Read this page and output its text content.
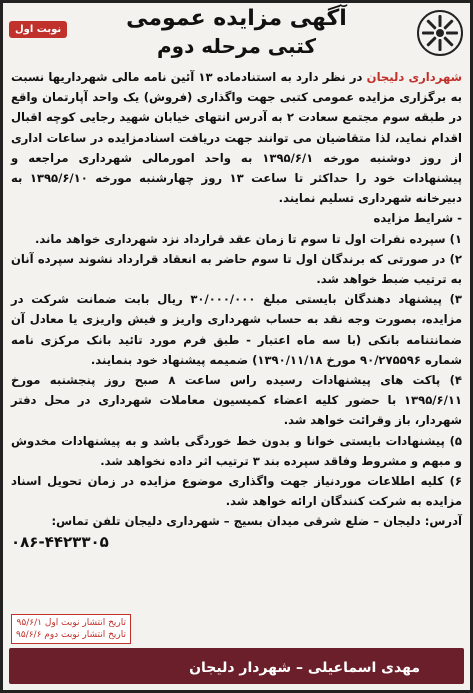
آگهی مزایده عمومی
کتبی مرحله دوم
نوبت اول

شهرداری دلیجان در نظر دارد به استنادماده ۱۳ آئین نامه مالی شهرداریها نسبت به برگزاری مزایده عمومی کتبی جهت واگذاری (فروش) یک واحد آپارتمان واقع در طبقه سوم مجتمع سعادت ۲ به آدرس انتهای خیابان شهید رجایی کوچه اقبال اقدام نماید، لذا متقاضیان می توانند جهت دریافت اسنادمزایده در ساعات اداری از روز دوشنبه مورخه ۱۳۹۵/۶/۱ به واحد امورمالی شهرداری مراجعه و پیشنهادات خود را حداکثر تا ساعت ۱۳ روز چهارشنبه مورخه ۱۳۹۵/۶/۱۰ به دبیرخانه شهرداری تسلیم نمایند.

- شرایط مزایده

۱) سپرده نفرات اول تا سوم تا زمان عقد قرارداد نزد شهرداری خواهد ماند.

۲) در صورتی که برندگان اول تا سوم حاضر به انعقاد قرارداد نشوند سپرده آنان به ترتیب ضبط خواهد شد.

۳) پیشنهاد دهندگان بایستی مبلغ ۳۰/۰۰۰/۰۰۰ ریال بابت ضمانت شرکت در مزایده، بصورت وجه نقد به حساب شهرداری واریز و فیش واریزی یا معادل آن ضمانتنامه بانکی (با سه ماه اعتبار - طبق فرم مورد تائید بانک مرکزی نامه شماره ۹۰/۲۷۵۵۹۶ مورخ ۱۳۹۰/۱۱/۱۸) ضمیمه پیشنهاد خود بنمایند.

۴) پاکت های پیشنهادات رسیده راس ساعت ۸ صبح روز پنجشنبه مورخ ۱۳۹۵/۶/۱۱ با حضور کلیه اعضاء کمیسیون معاملات شهرداری در محل دفتر شهردار، باز وقرائت خواهد شد.

۵) پیشنهادات بایستی خوانا و بدون خط خوردگی باشد و به پیشنهادات مخدوش و مبهم و مشروط وفاقد سپرده بند ۳ ترتیب اثر داده نخواهد شد.

۶) کلیه اطلاعات موردنیاز جهت واگذاری موضوع مزایده در زمان تحویل اسناد مزایده به شرکت کنندگان ارائه خواهد شد.

آدرس: دلیجان – ضلع شرقی میدان بسیج – شهرداری دلیجان تلفن تماس:

۰۸۶-۴۴۲۳۳۰۵

تاریخ انتشار نوبت اول ۹۵/۶/۱
تاریخ انتشار نوبت دوم ۹۵/۶/۶
مهدی اسماعیلی – شهردار دلیجان
